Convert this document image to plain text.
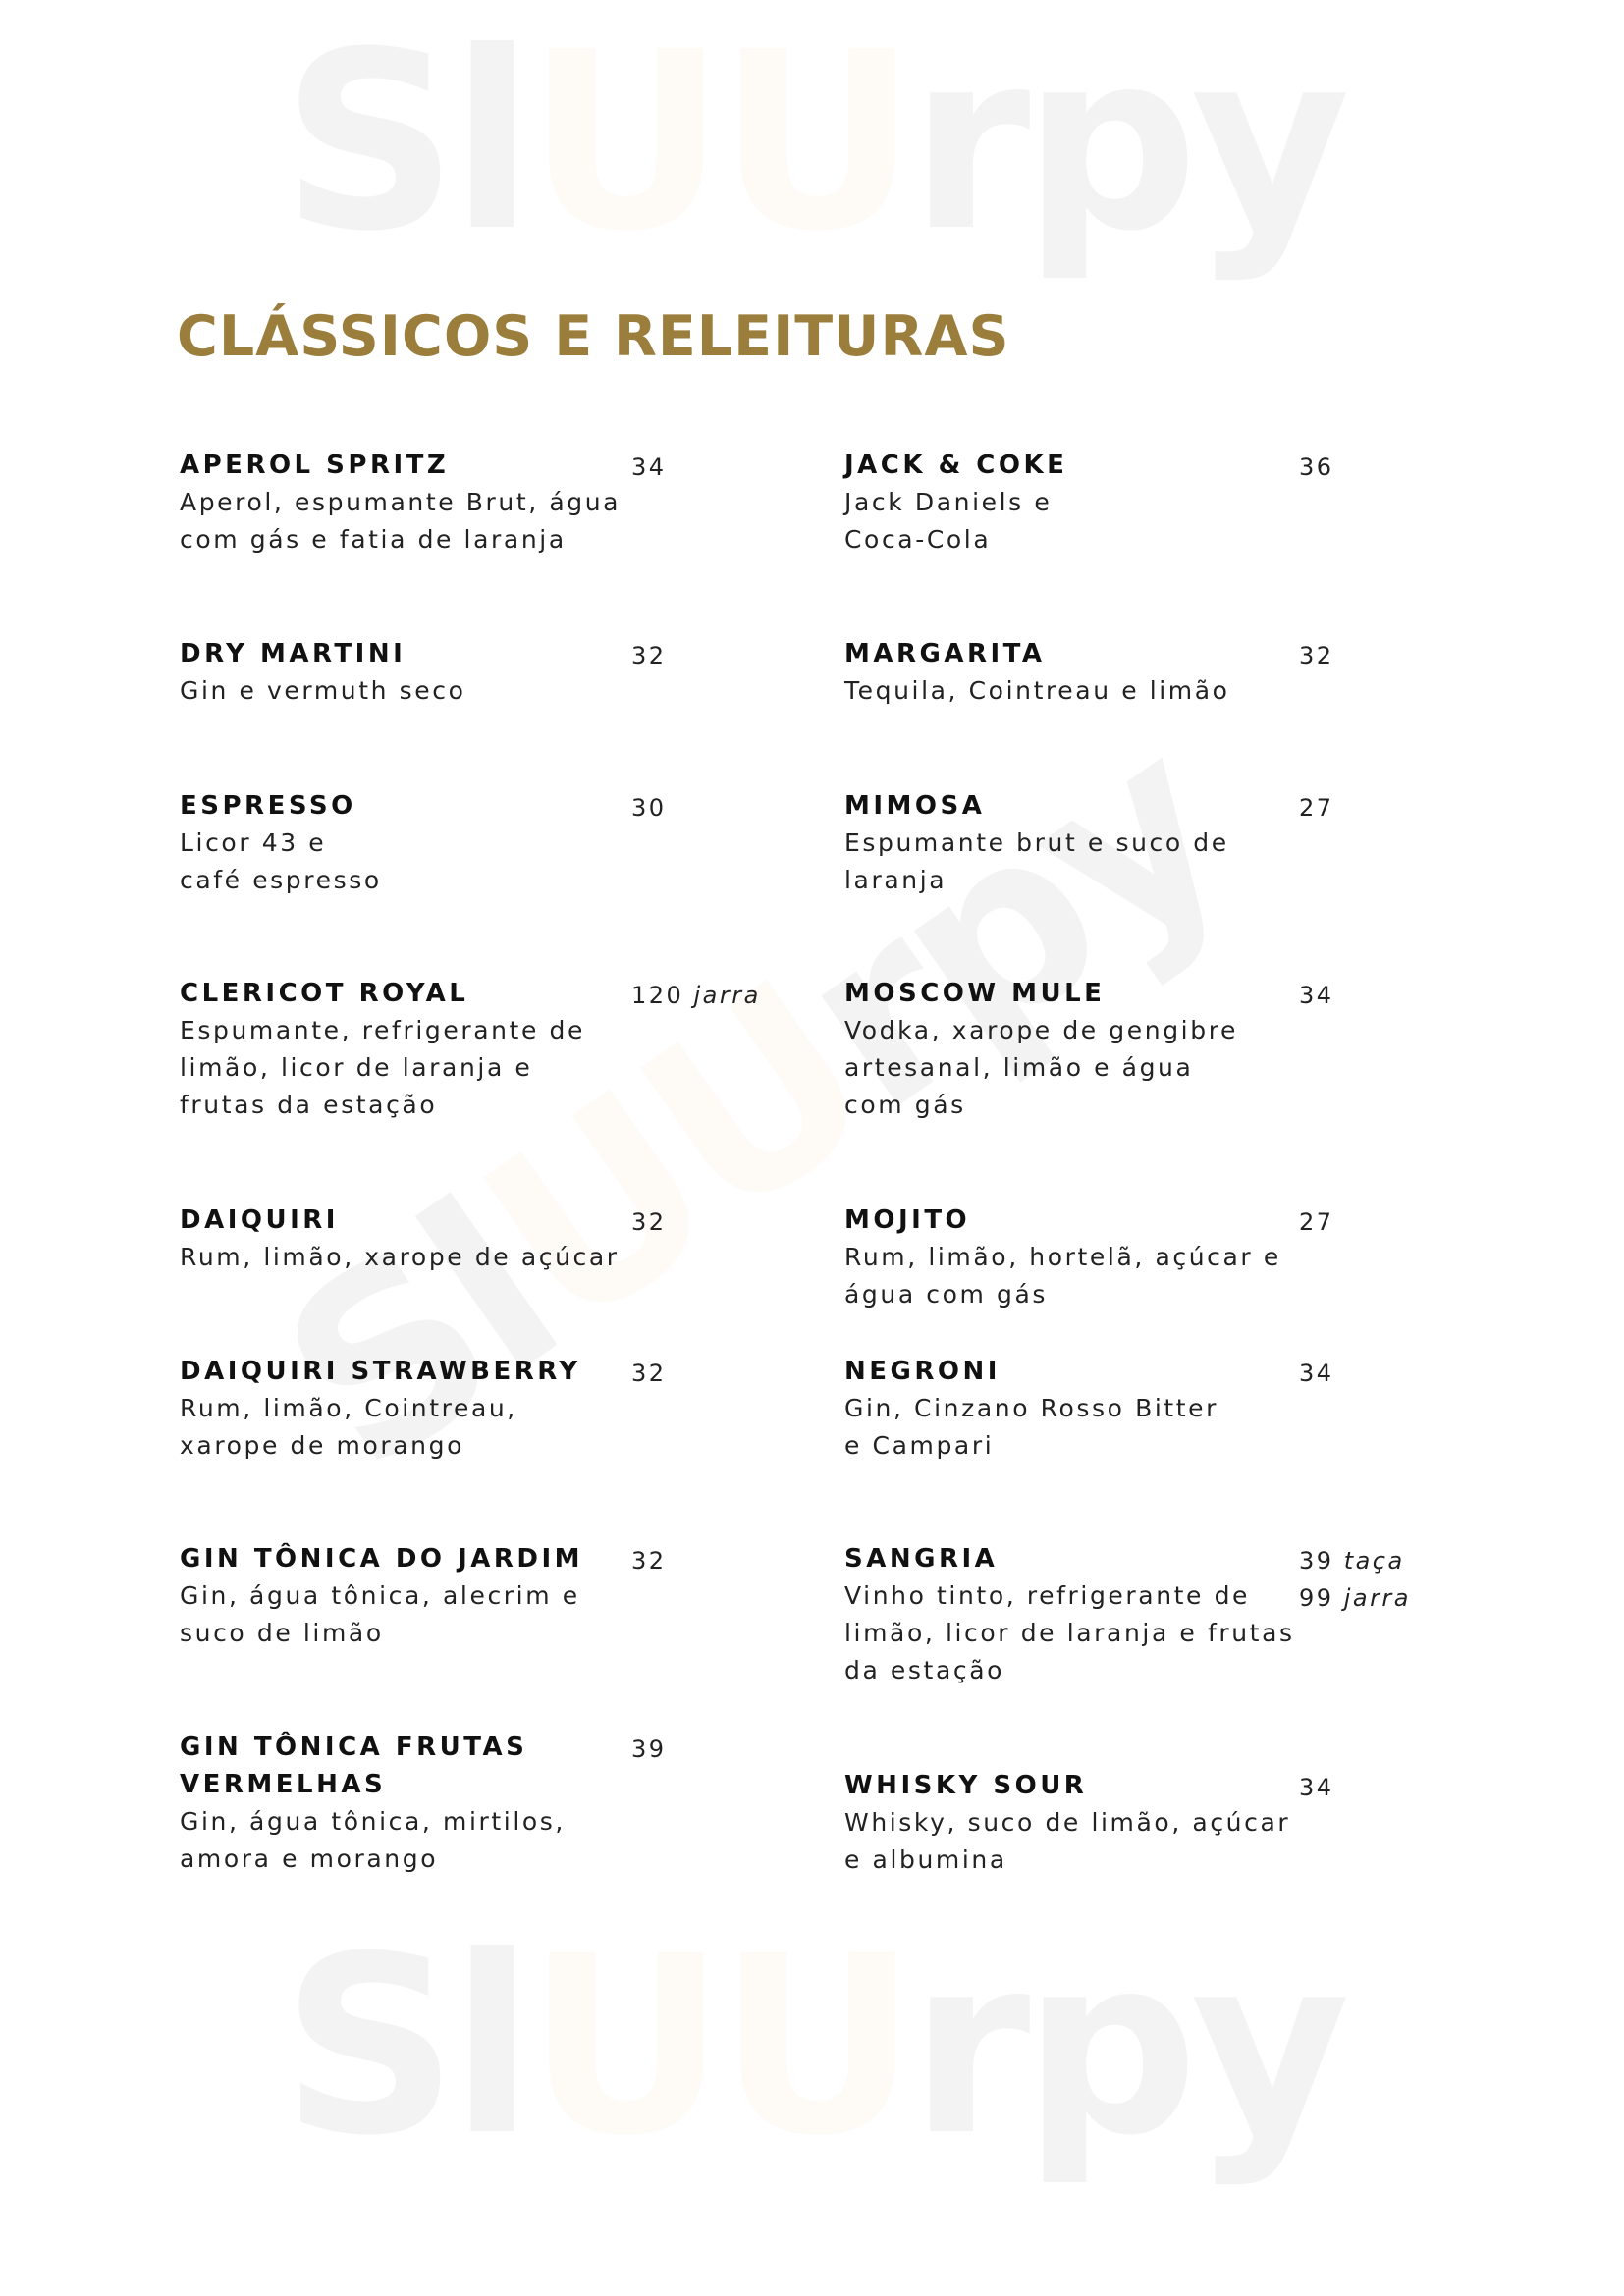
CLÁSSICOS E RELEITURAS
APEROL SPRITZ
Aperol, espumante Brut, água
com gás e fatia de laranja
34
DRY MARTINI
Gin e vermuth seco
32
ESPRESSO
Licor 43 e
café espresso
30
CLERICOT ROYAL
Espumante, refrigerante de
limão, licor de laranja e
frutas da estação
120 jarra
DAIQUIRI
Rum, limão, xarope de açúcar
32
DAIQUIRI STRAWBERRY
Rum, limão, Cointreau,
xarope de morango
32
GIN TÔNICA DO JARDIM
Gin, água tônica, alecrim e
suco de limão
32
GIN TÔNICA FRUTAS VERMELHAS
Gin, água tônica, mirtilos,
amora e morango
39
JACK & COKE
Jack Daniels e
Coca-Cola
36
MARGARITA
Tequila, Cointreau e limão
32
MIMOSA
Espumante brut e suco de
laranja
27
MOSCOW MULE
Vodka, xarope de gengibre
artesanal, limão e água
com gás
34
MOJITO
Rum, limão, hortelã, açúcar e
água com gás
27
NEGRONI
Gin, Cinzano Rosso Bitter
e Campari
34
SANGRIA
Vinho tinto, refrigerante de
limão, licor de laranja e frutas
da estação
39 taça
99 jarra
WHISKY SOUR
Whisky, suco de limão, açúcar
e albumina
34
